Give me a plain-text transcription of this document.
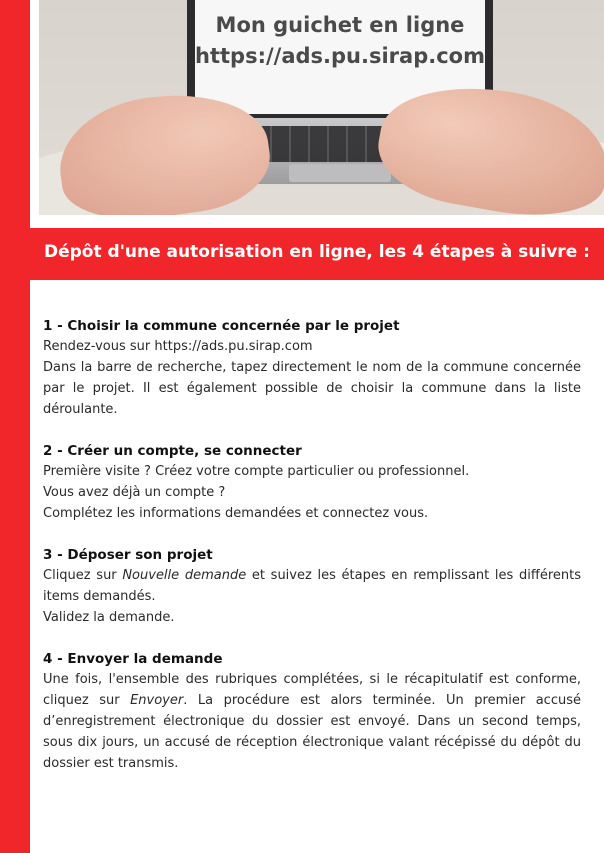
Mon guichet en ligne
https://ads.pu.sirap.com
Dépôt d'une autorisation en ligne, les 4 étapes à suivre :
1 - Choisir la commune concernée par le projet

Rendez-vous sur https://ads.pu.sirap.com

Dans la barre de recherche, tapez directement le nom de la commune concernée par le projet. Il est également possible de choisir la commune dans la liste déroulante.

2 - Créer un compte, se connecter

Première visite ? Créez votre compte particulier ou professionnel.

Vous avez déjà un compte ?

Complétez les informations demandées et connectez vous.

3 - Déposer son projet

Cliquez sur Nouvelle demande et suivez les étapes en remplissant les différents items demandés.

Validez la demande.

4 - Envoyer la demande

Une fois, l'ensemble des rubriques complétées, si le récapitulatif est conforme, cliquez sur Envoyer. La procédure est alors terminée. Un premier accusé d’enregistrement électronique du dossier est envoyé. Dans un second temps, sous dix jours, un accusé de réception électronique valant récépissé du dépôt du dossier est transmis.
